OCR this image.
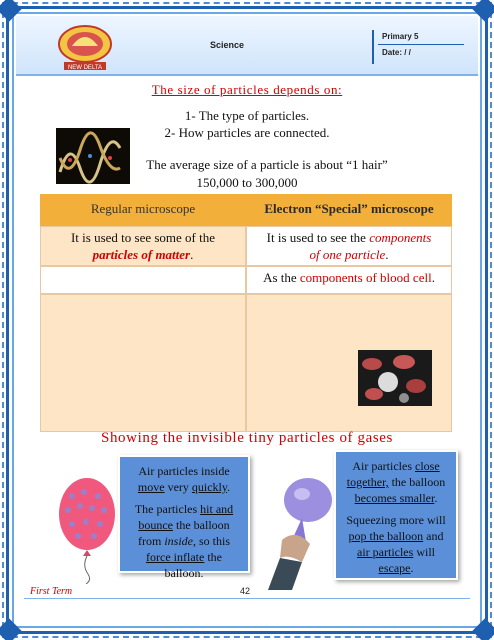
NEW DELTA
Science
Primary 5
Date: / /
The size of particles depends on:
1- The type of particles.
2- How particles are connected.
The average size of a particle is about “1 hair”
150,000 to 300,000
Regular microscope	Electron “Special” microscope
It is used to see some of the
particles of matter.
It is used to see the components
of one particle.
As the components of blood cell.
Showing the invisible tiny particles of gases
Air particles inside
move very quickly.
The particles hit and bounce the balloon from inside, so this force inflate the balloon.
Air particles close together, the balloon
becomes smaller.
Squeezing more will pop the balloon and air particles will escape.
First Term	42
